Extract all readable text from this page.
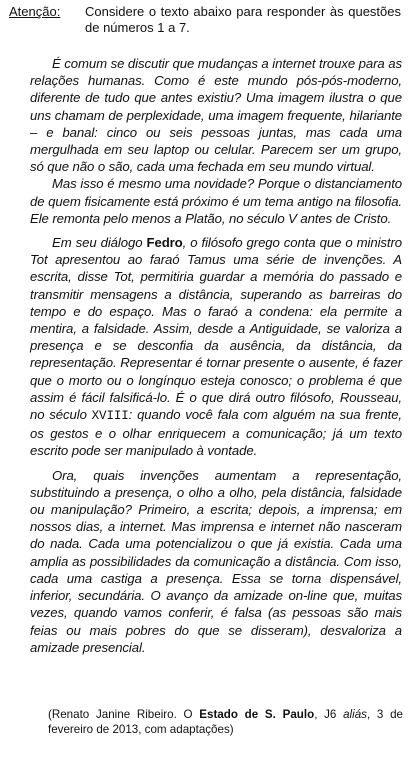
Atenção: Considere o texto abaixo para responder às questões de números 1 a 7.

É comum se discutir que mudanças a internet trouxe para as relações humanas. Como é este mundo pós-pós-moderno, diferente de tudo que antes existiu? Uma imagem ilustra o que uns chamam de perplexidade, uma imagem frequente, hilariante – e banal: cinco ou seis pessoas juntas, mas cada uma mergulhada em seu laptop ou celular. Parecem ser um grupo, só que não o são, cada uma fechada em seu mundo virtual.

Mas isso é mesmo uma novidade? Porque o distanciamento de quem fisicamente está próximo é um tema antigo na filosofia. Ele remonta pelo menos a Platão, no século V antes de Cristo.

Em seu diálogo Fedro, o filósofo grego conta que o ministro Tot apresentou ao faraó Tamus uma série de invenções. A escrita, disse Tot, permitiria guardar a memória do passado e transmitir mensagens a distância, superando as barreiras do tempo e do espaço. Mas o faraó a condena: ela permite a mentira, a falsidade. Assim, desde a Antiguidade, se valoriza a presença e se desconfia da ausência, da distância, da representação. Representar é tornar presente o ausente, é fazer que o morto ou o longínquo esteja conosco; o problema é que assim é fácil falsificá-lo. É o que dirá outro filósofo, Rousseau, no século XVIII: quando você fala com alguém na sua frente, os gestos e o olhar enriquecem a comunicação; já um texto escrito pode ser manipulado à vontade.

Ora, quais invenções aumentam a representação, substituindo a presença, o olho a olho, pela distância, falsidade ou manipulação? Primeiro, a escrita; depois, a imprensa; em nossos dias, a internet. Mas imprensa e internet não nasceram do nada. Cada uma potencializou o que já existia. Cada uma amplia as possibilidades da comunicação a distância. Com isso, cada uma castiga a presença. Essa se torna dispensável, inferior, secundária. O avanço da amizade on-line que, muitas vezes, quando vamos conferir, é falsa (as pessoas são mais feias ou mais pobres do que se disseram), desvaloriza a amizade presencial.

(Renato Janine Ribeiro. O Estado de S. Paulo, J6 aliás, 3 de fevereiro de 2013, com adaptações)
